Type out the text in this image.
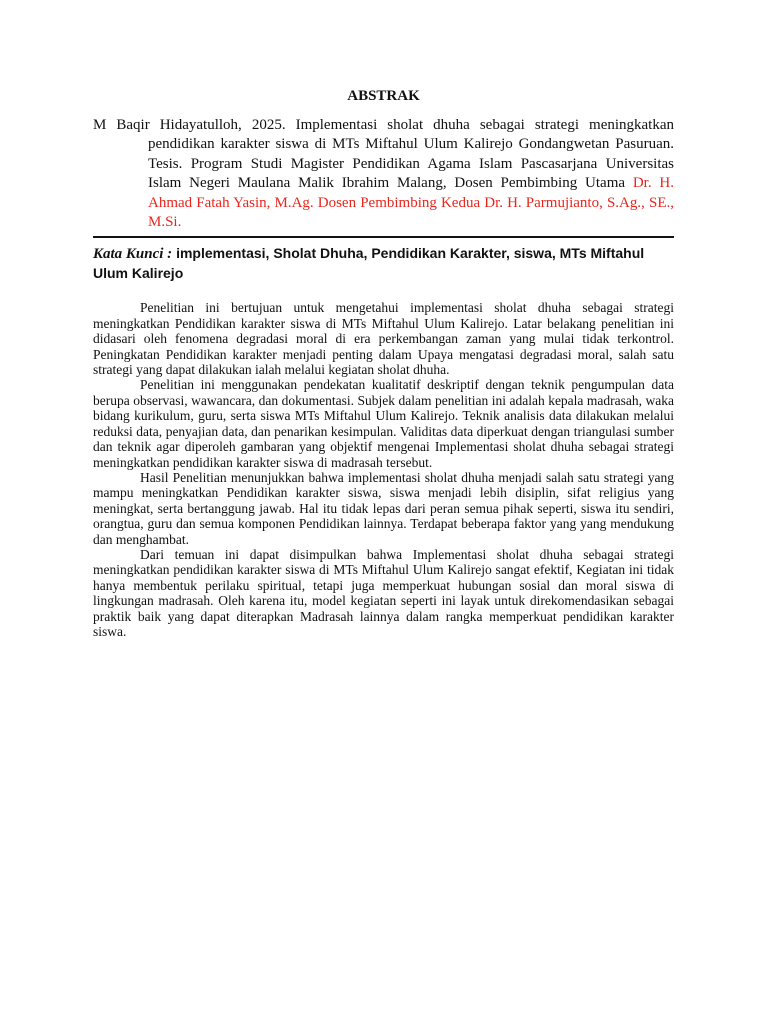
ABSTRAK

M Baqir Hidayatulloh, 2025. Implementasi sholat dhuha sebagai strategi meningkatkan pendidikan karakter siswa di MTs Miftahul Ulum Kalirejo Gondangwetan Pasuruan. Tesis. Program Studi Magister Pendidikan Agama Islam Pascasarjana Universitas Islam Negeri Maulana Malik Ibrahim Malang, Dosen Pembimbing Utama Dr. H. Ahmad Fatah Yasin, M.Ag. Dosen Pembimbing Kedua Dr. H. Parmujianto, S.Ag., SE., M.Si.

Kata Kunci : implementasi, Sholat Dhuha, Pendidikan Karakter, siswa, MTs Miftahul Ulum Kalirejo

Penelitian ini bertujuan untuk mengetahui implementasi sholat dhuha sebagai strategi meningkatkan Pendidikan karakter siswa di MTs Miftahul Ulum Kalirejo. Latar belakang penelitian ini didasari oleh fenomena degradasi moral di era perkembangan zaman yang mulai tidak terkontrol. Peningkatan Pendidikan karakter menjadi penting dalam Upaya mengatasi degradasi moral, salah satu strategi yang dapat dilakukan ialah melalui kegiatan sholat dhuha.

Penelitian ini menggunakan pendekatan kualitatif deskriptif dengan teknik pengumpulan data berupa observasi, wawancara, dan dokumentasi. Subjek dalam penelitian ini adalah kepala madrasah, waka bidang kurikulum, guru, serta siswa MTs Miftahul Ulum Kalirejo. Teknik analisis data dilakukan melalui reduksi data, penyajian data, dan penarikan kesimpulan. Validitas data diperkuat dengan triangulasi sumber dan teknik agar diperoleh gambaran yang objektif mengenai Implementasi sholat dhuha sebagai strategi meningkatkan pendidikan karakter siswa di madrasah tersebut.

Hasil Penelitian menunjukkan bahwa implementasi sholat dhuha menjadi salah satu strategi yang mampu meningkatkan Pendidikan karakter siswa, siswa menjadi lebih disiplin, sifat religius yang meningkat, serta bertanggung jawab. Hal itu tidak lepas dari peran semua pihak seperti, siswa itu sendiri, orangtua, guru dan semua komponen Pendidikan lainnya. Terdapat beberapa faktor yang yang mendukung dan menghambat.

Dari temuan ini dapat disimpulkan bahwa Implementasi sholat dhuha sebagai strategi meningkatkan pendidikan karakter siswa di MTs Miftahul Ulum Kalirejo sangat efektif, Kegiatan ini tidak hanya membentuk perilaku spiritual, tetapi juga memperkuat hubungan sosial dan moral siswa di lingkungan madrasah. Oleh karena itu, model kegiatan seperti ini layak untuk direkomendasikan sebagai praktik baik yang dapat diterapkan Madrasah lainnya dalam rangka memperkuat pendidikan karakter siswa.
